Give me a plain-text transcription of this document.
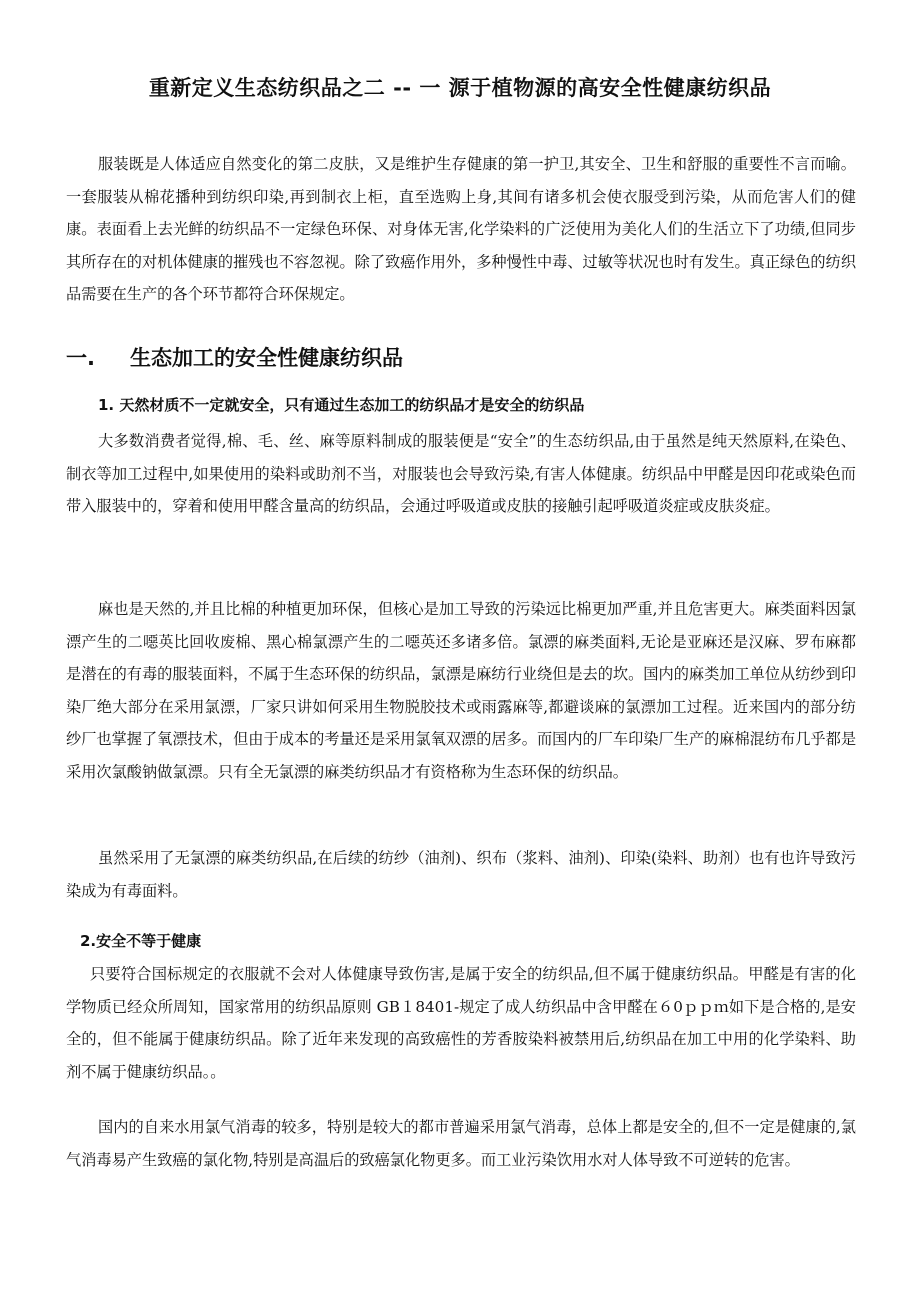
重新定义生态纺织品之二 -- 一 源于植物源的高安全性健康纺织品

服装既是人体适应自然变化的第二皮肤，又是维护生存健康的第一护卫,其安全、卫生和舒服的重要性不言而喻。一套服装从棉花播种到纺织印染,再到制衣上柜，直至选购上身,其间有诸多机会使衣服受到污染，从而危害人们的健康。表面看上去光鲜的纺织品不一定绿色环保、对身体无害,化学染料的广泛使用为美化人们的生活立下了功绩,但同步其所存在的对机体健康的摧残也不容忽视。除了致癌作用外，多种慢性中毒、过敏等状况也时有发生。真正绿色的纺织品需要在生产的各个环节都符合环保规定。

一. 生态加工的安全性健康纺织品
1. 天然材质不一定就安全，只有通过生态加工的纺织品才是安全的纺织品

大多数消费者觉得,棉、毛、丝、麻等原料制成的服装便是“安全”的生态纺织品,由于虽然是纯天然原料,在染色、制衣等加工过程中,如果使用的染料或助剂不当，对服装也会导致污染,有害人体健康。纺织品中甲醛是因印花或染色而带入服装中的，穿着和使用甲醛含量高的纺织品，会通过呼吸道或皮肤的接触引起呼吸道炎症或皮肤炎症。

麻也是天然的,并且比棉的种植更加环保，但核心是加工导致的污染远比棉更加严重,并且危害更大。麻类面料因氯漂产生的二噁英比回收废棉、黑心棉氯漂产生的二噁英还多诸多倍。氯漂的麻类面料,无论是亚麻还是汉麻、罗布麻都是潜在的有毒的服装面料，不属于生态环保的纺织品，氯漂是麻纺行业绕但是去的坎。国内的麻类加工单位从纺纱到印染厂绝大部分在采用氯漂，厂家只讲如何采用生物脱胶技术或雨露麻等,都避谈麻的氯漂加工过程。近来国内的部分纺纱厂也掌握了氧漂技术，但由于成本的考量还是采用氯氧双漂的居多。而国内的厂车印染厂生产的麻棉混纺布几乎都是采用次氯酸钠做氯漂。只有全无氯漂的麻类纺织品才有资格称为生态环保的纺织品。

虽然采用了无氯漂的麻类纺织品,在后续的纺纱（油剂)、织布（浆料、油剂)、印染(染料、助剂）也有也许导致污染成为有毒面料。

2.安全不等于健康

只要符合国标规定的衣服就不会对人体健康导致伤害,是属于安全的纺织品,但不属于健康纺织品。甲醛是有害的化学物质已经众所周知，国家常用的纺织品原则 GB１8401-规定了成人纺织品中含甲醛在６0ｐｐｍ如下是合格的,是安全的，但不能属于健康纺织品。除了近年来发现的高致癌性的芳香胺染料被禁用后,纺织品在加工中用的化学染料、助剂不属于健康纺织品。。

国内的自来水用氯气消毒的较多，特别是较大的都市普遍采用氯气消毒，总体上都是安全的,但不一定是健康的,氯气消毒易产生致癌的氯化物,特别是高温后的致癌氯化物更多。而工业污染饮用水对人体导致不可逆转的危害。
